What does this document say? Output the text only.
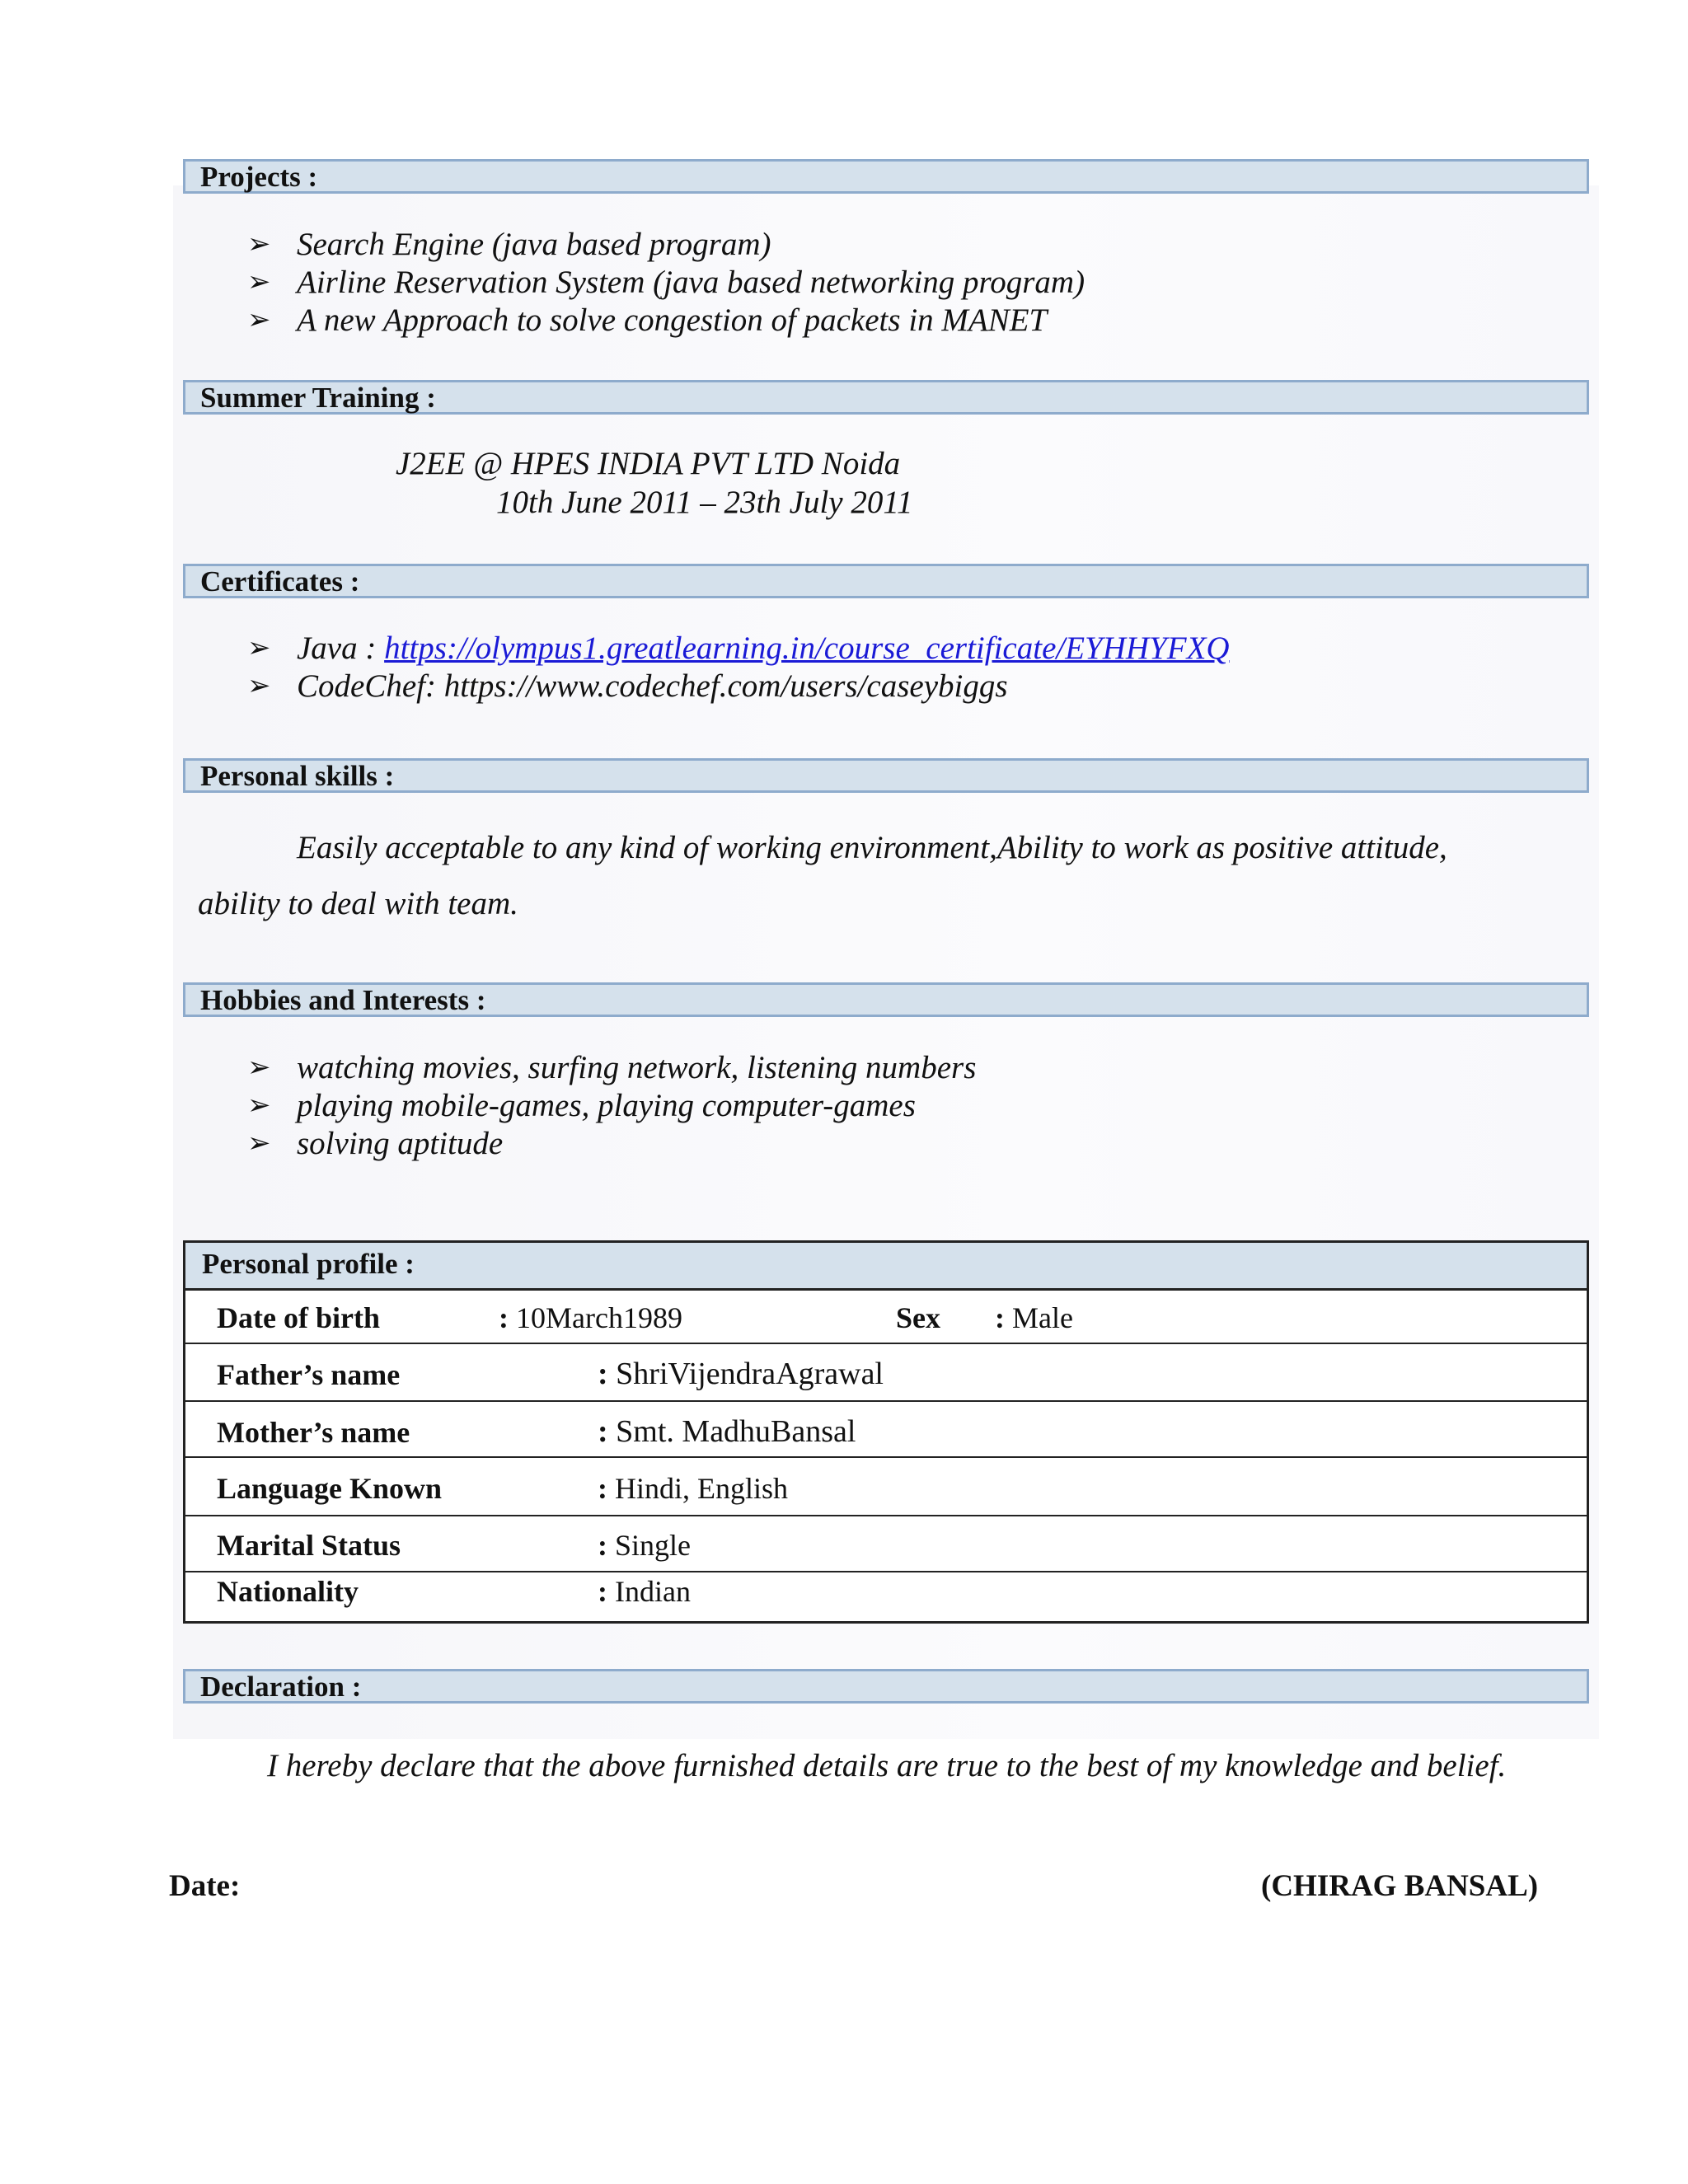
Projects :
➢ Search Engine (java based program)
➢ Airline Reservation System (java based networking program)
➢ A new Approach to solve congestion of packets in MANET
Summer Training :
J2EE @ HPES INDIA PVT LTD Noida
10th June 2011 – 23th July 2011
Certificates :
➢ Java : https://olympus1.greatlearning.in/course_certificate/EYHHYFXQ
➢ CodeChef: https://www.codechef.com/users/caseybiggs
Personal skills :
Easily acceptable to any kind of working environment,Ability to work as positive attitude,
ability to deal with team.
Hobbies and Interests :
➢ watching movies, surfing network, listening numbers
➢ playing mobile-games, playing computer-games
➢ solving aptitude
Personal profile :
Date of birth	: 10March1989	Sex : Male
Father’s name	: ShriVijendraAgrawal
Mother’s name	: Smt. MadhuBansal
Language Known	: Hindi, English
Marital Status	: Single
Nationality	: Indian
Declaration :
I hereby declare that the above furnished details are true to the best of my knowledge and belief.
Date:	(CHIRAG BANSAL)
